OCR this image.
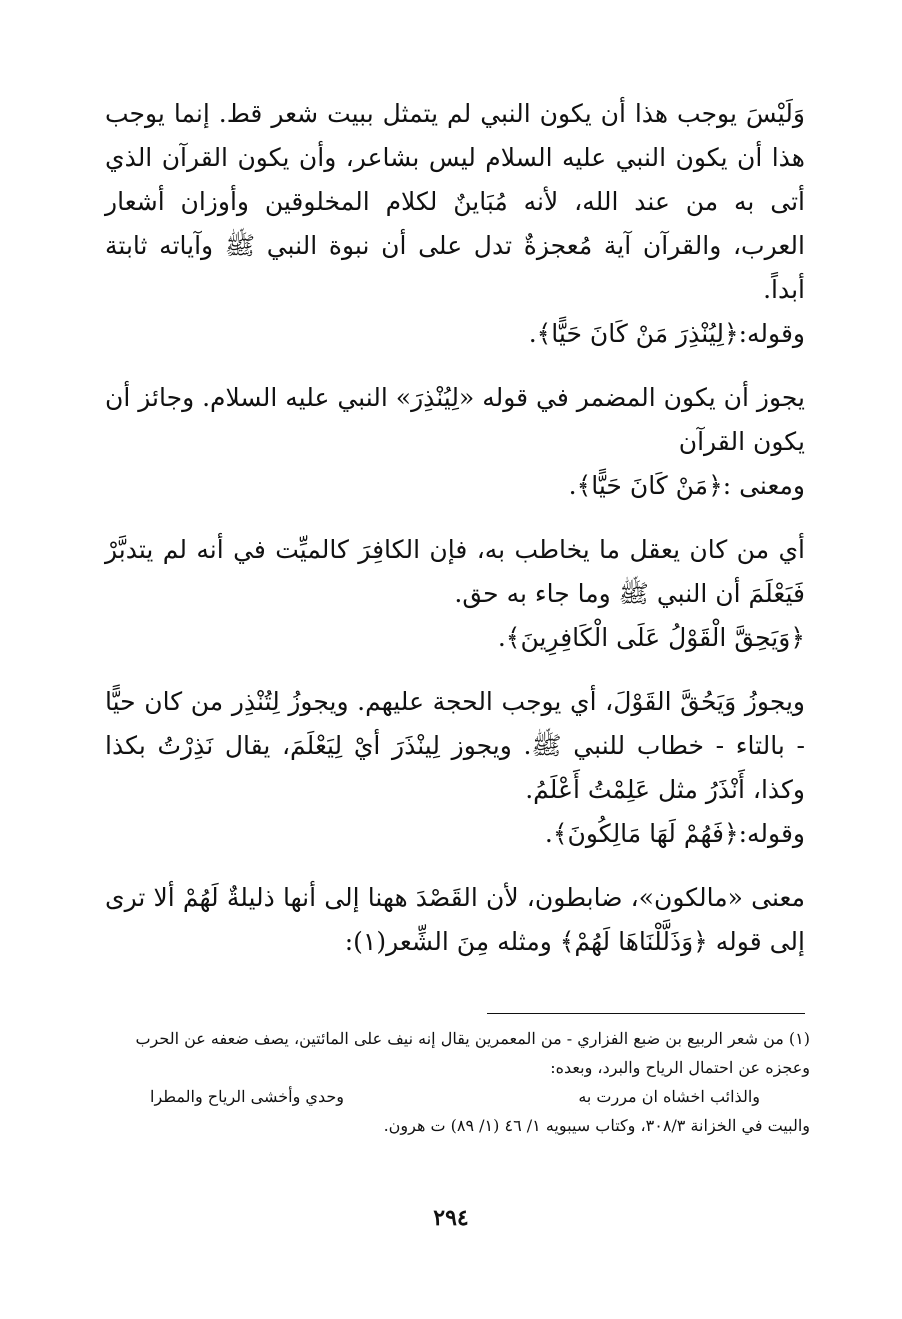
وَلَيْسَ يوجب هذا أن يكون النبي لم يتمثل ببيت شعر قط. إنما يوجب هذا أن يكون النبي عليه السلام ليس بشاعر، وأن يكون القرآن الذي أتى به من عند الله، لأنه مُبَاينٌ لكلام المخلوقين وأوزان أشعار العرب، والقرآن آية مُعجزةٌ تدل على أن نبوة النبي ﷺ وآياته ثابتة أبداً.

وقوله:﴿لِيُنْذِرَ مَنْ كَانَ حَيًّا﴾.

يجوز أن يكون المضمر في قوله «لِيُنْذِرَ» النبي عليه السلام. وجائز أن يكون القرآن

ومعنى :﴿مَنْ كَانَ حَيًّا﴾.

أي من كان يعقل ما يخاطب به، فإن الكافِرَ كالميِّت في أنه لم يتدبَّرْ فَيَعْلَمَ أن النبي ﷺ وما جاء به حق.

﴿وَيَحِقَّ الْقَوْلُ عَلَى الْكَافِرِينَ﴾.

ويجوزُ وَيَحُقَّ القَوْلَ، أي يوجب الحجة عليهم. ويجوزُ لِتُنْذِر من كان حيًّا - بالتاء - خطاب للنبي ﷺ. ويجوز لِينْذَرَ أيْ لِيَعْلَمَ، يقال نَذِرْتُ بكذا وكذا، أَنْذَرُ مثل عَلِمْتُ أَعْلَمُ.

وقوله:﴿فَهُمْ لَهَا مَالِكُونَ﴾.

معنى «مالكون»، ضابطون، لأن القَصْدَ ههنا إلى أنها ذليلةٌ لَهُمْ ألا ترى إلى قوله ﴿وَذَلَّلْنَاهَا لَهُمْ﴾ ومثله مِنَ الشِّعر(١):

(١) من شعر الربيع بن ضبع الفزاري - من المعمرين يقال إنه نيف على المائتين، يصف ضعفه عن الحرب وعجزه عن احتمال الرياح والبرد، وبعده:

والذائب اخشاه ان مررت به
وحدي وأخشى الرياح والمطرا

والبيت في الخزانة ٣٠٨/٣، وكتاب سيبويه ١/ ٤٦ (١/ ٨٩) ت هرون.

٢٩٤
